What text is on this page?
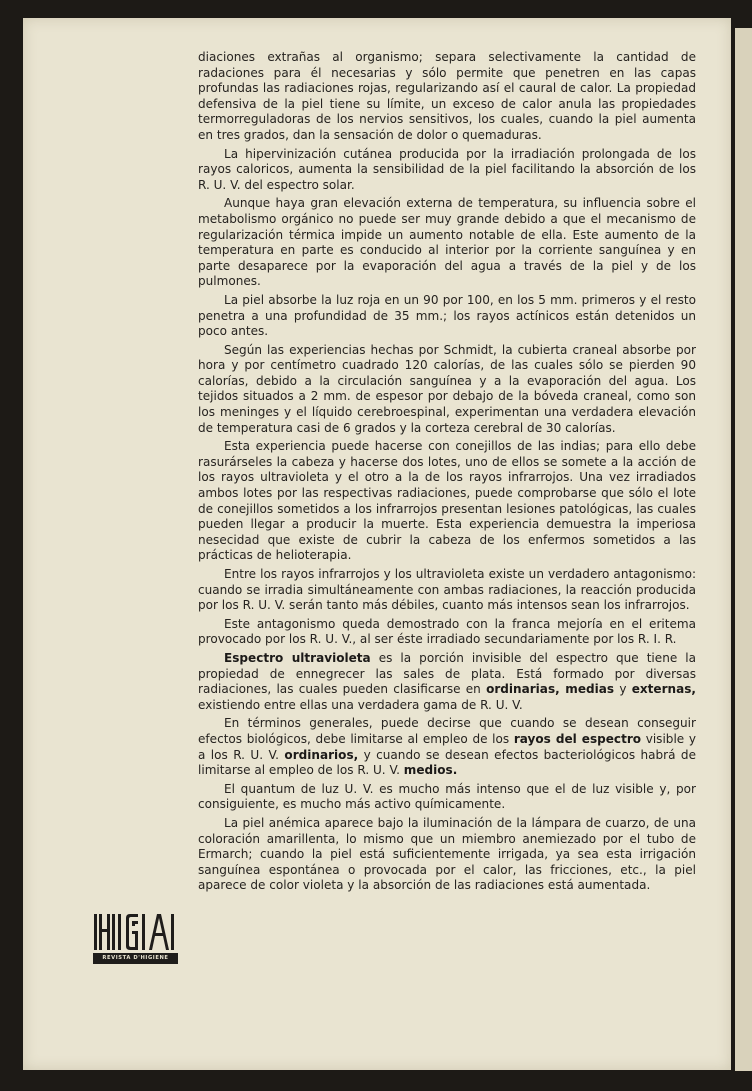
diaciones extrañas al organismo; separa selectivamente la cantidad de radaciones para él necesarias y sólo permite que penetren en las capas profundas las radiaciones rojas, regularizando así el caural de calor. La propiedad defensiva de la piel tiene su límite, un exceso de calor anula las propiedades termorreguladoras de los nervios sensitivos, los cuales, cuando la piel aumenta en tres grados, dan la sensación de dolor o quemaduras.

La hipervinización cutánea producida por la irradiación prolongada de los rayos caloricos, aumenta la sensibilidad de la piel facilitando la absorción de los R. U. V. del espectro solar.

Aunque haya gran elevación externa de temperatura, su influencia sobre el metabolismo orgánico no puede ser muy grande debido a que el mecanismo de regularización térmica impide un aumento notable de ella. Este aumento de la temperatura en parte es conducido al interior por la corriente sanguínea y en parte desaparece por la evaporación del agua a través de la piel y de los pulmones.

La piel absorbe la luz roja en un 90 por 100, en los 5 mm. primeros y el resto penetra a una profundidad de 35 mm.; los rayos actínicos están detenidos un poco antes.

Según las experiencias hechas por Schmidt, la cubierta craneal absorbe por hora y por centímetro cuadrado 120 calorías, de las cuales sólo se pierden 90 calorías, debido a la circulación sanguínea y a la evaporación del agua. Los tejidos situados a 2 mm. de espesor por debajo de la bóveda craneal, como son los meninges y el líquido cerebroespinal, experimentan una verdadera elevación de temperatura casi de 6 grados y la corteza cerebral de 30 calorías.

Esta experiencia puede hacerse con conejillos de las indias; para ello debe rasurárseles la cabeza y hacerse dos lotes, uno de ellos se somete a la acción de los rayos ultravioleta y el otro a la de los rayos infrarrojos. Una vez irradiados ambos lotes por las respectivas radiaciones, puede comprobarse que sólo el lote de conejillos sometidos a los infrarrojos presentan lesiones patológicas, las cuales pueden llegar a producir la muerte. Esta experiencia demuestra la imperiosa nesecidad que existe de cubrir la cabeza de los enfermos sometidos a las prácticas de helioterapia.

Entre los rayos infrarrojos y los ultravioleta existe un verdadero antagonismo: cuando se irradia simultáneamente con ambas radiaciones, la reacción producida por los R. U. V. serán tanto más débiles, cuanto más intensos sean los infrarrojos.

Este antagonismo queda demostrado con la franca mejoría en el eritema provocado por los R. U. V., al ser éste irradiado secundariamente por los R. I. R.

Espectro ultravioleta es la porción invisible del espectro que tiene la propiedad de ennegrecer las sales de plata. Está formado por diversas radiaciones, las cuales pueden clasificarse en ordinarias, medias y externas, existiendo entre ellas una verdadera gama de R. U. V.

En términos generales, puede decirse que cuando se desean conseguir efectos biológicos, debe limitarse al empleo de los rayos del espectro visible y a los R. U. V. ordinarios, y cuando se desean efectos bacteriológicos habrá de limitarse al empleo de los R. U. V. medios.

El quantum de luz U. V. es mucho más intenso que el de luz visible y, por consiguiente, es mucho más activo químicamente.

La piel anémica aparece bajo la iluminación de la lámpara de cuarzo, de una coloración amarillenta, lo mismo que un miembro anemiezado por el tubo de Ermarch; cuando la piel está suficientemente irrigada, ya sea esta irrigación sanguínea espontánea o provocada por el calor, las fricciones, etc., la piel aparece de color violeta y la absorción de las radiaciones está aumentada.

REVISTA D'HIGIENE
